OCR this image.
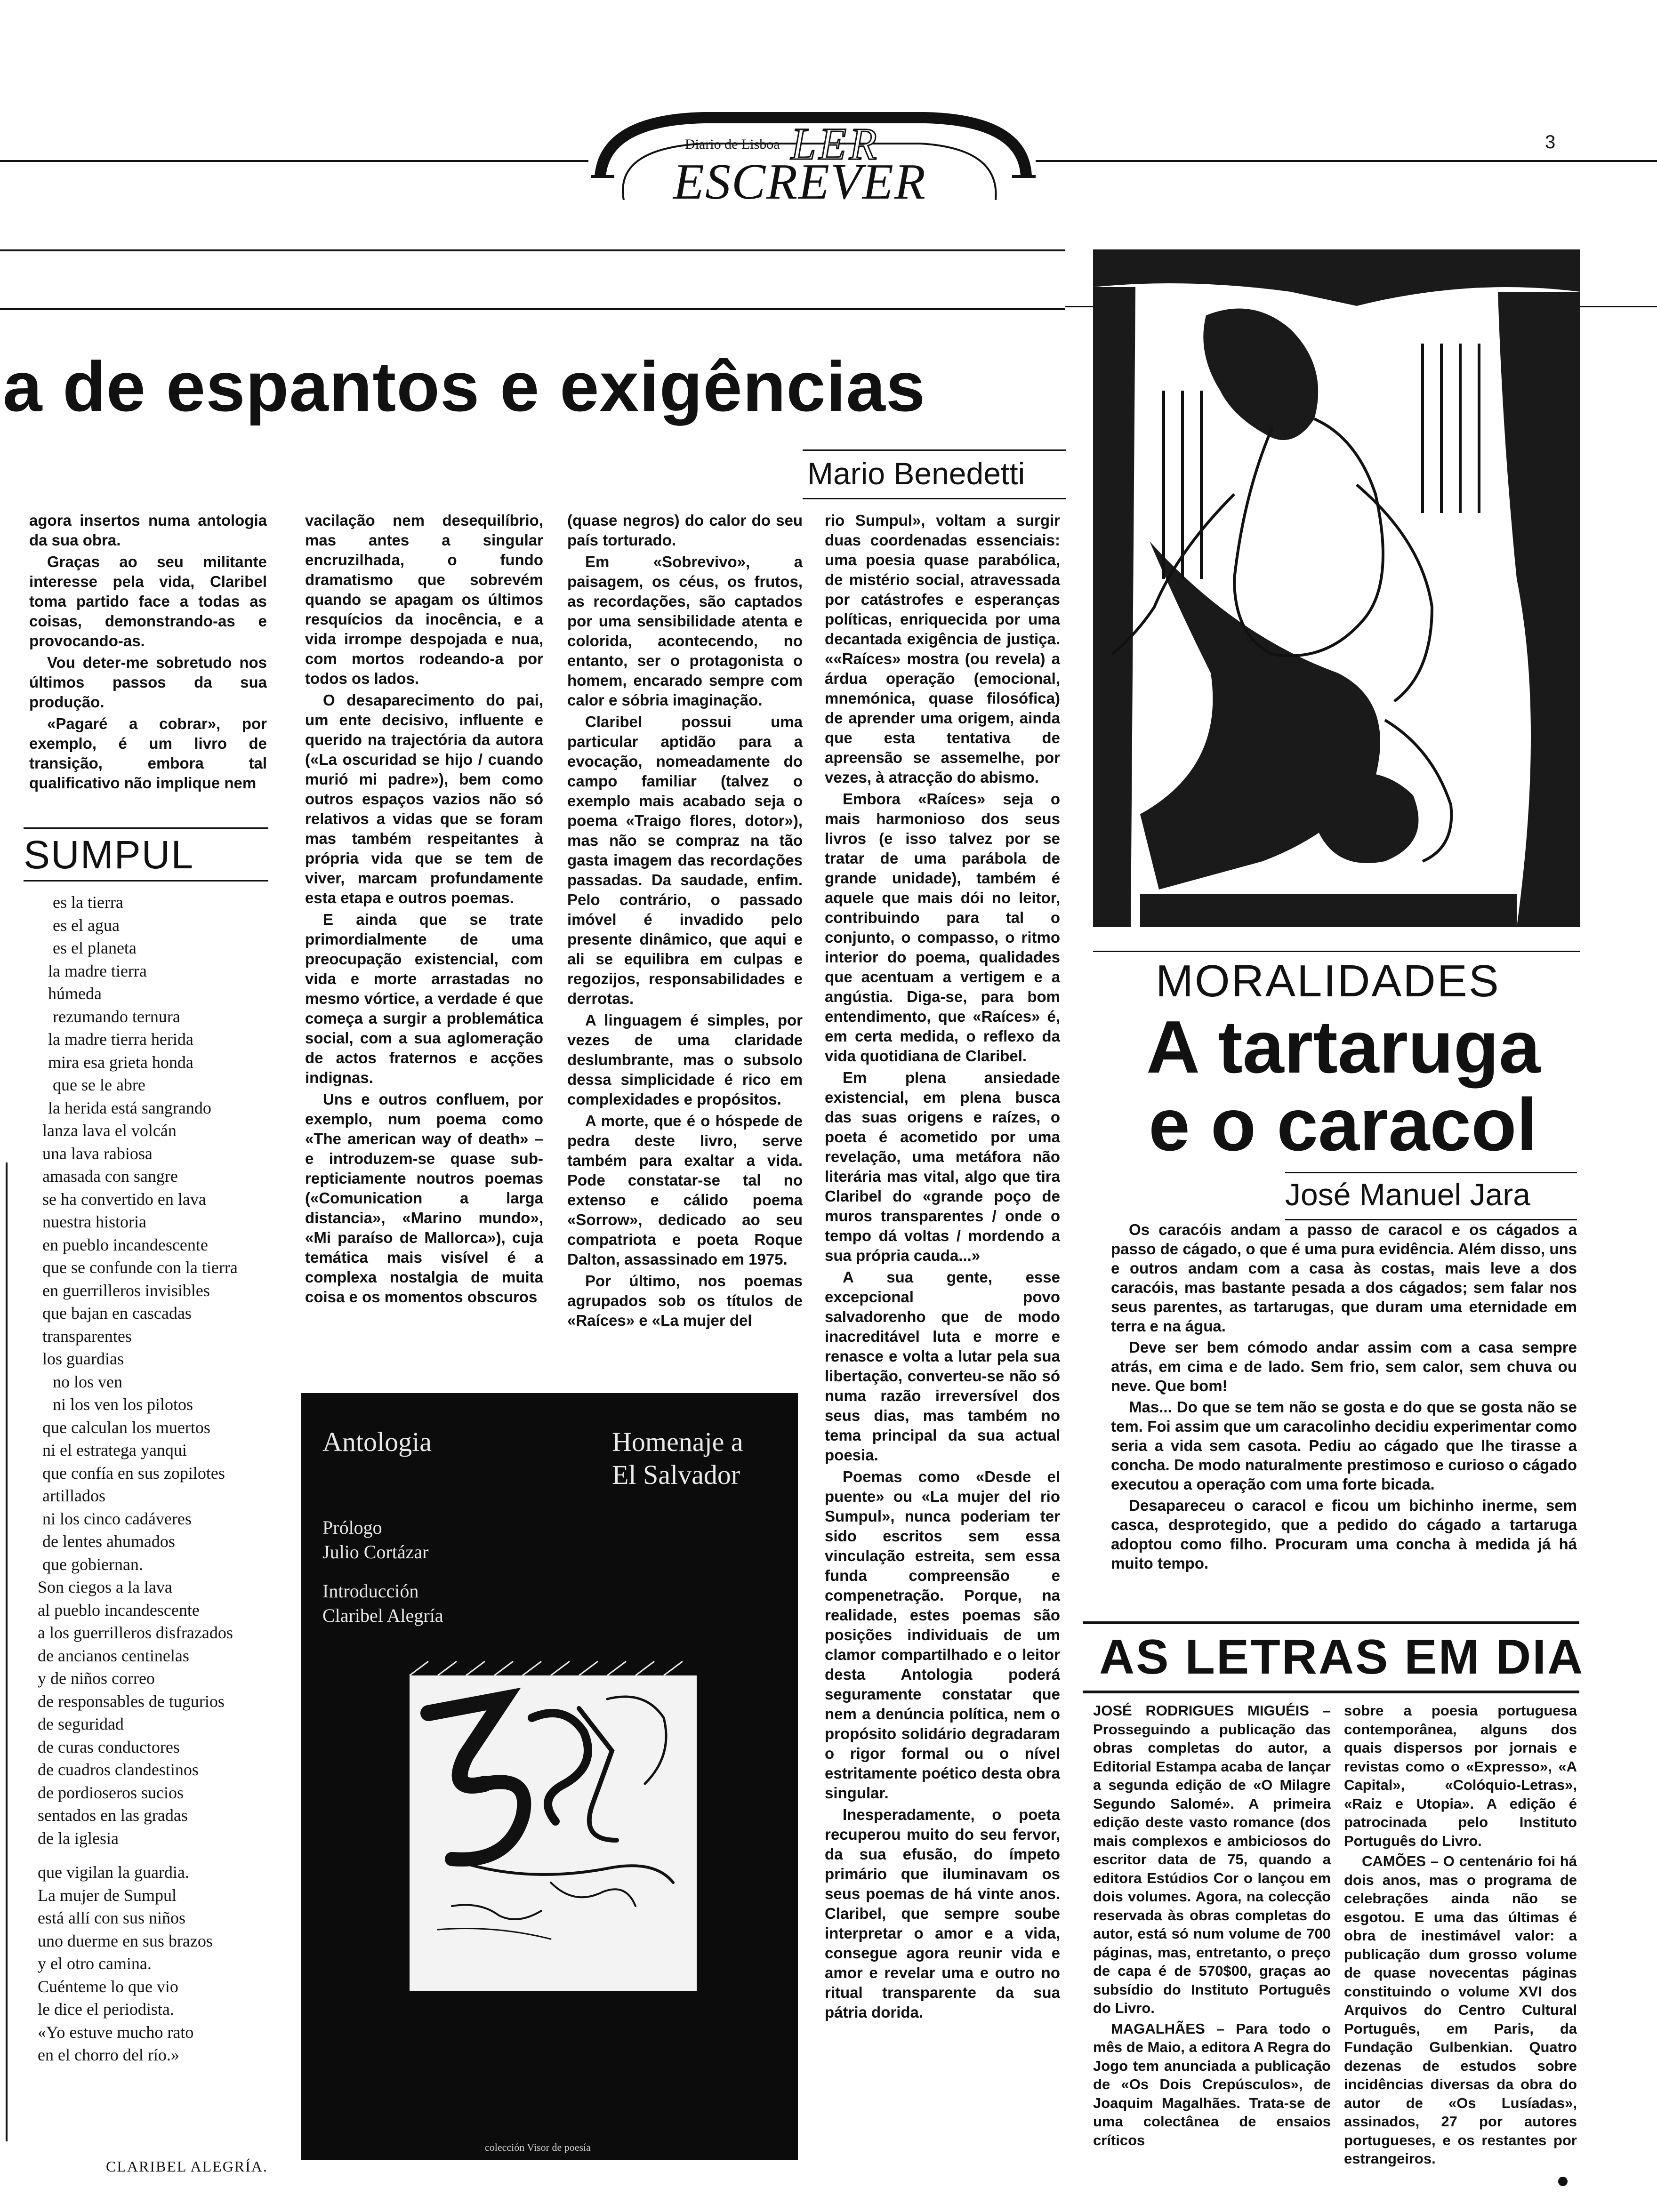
Diario de Lisboa LER
ESCREVER
3
a de espantos e exigências
Mario Benedetti

agora insertos numa antologia da sua obra.

Graças ao seu militante interesse pela vida, Claribel toma partido face a todas as coisas, demonstrando-as e provocando-as.

Vou deter-me sobretudo nos últimos passos da sua produção.

«Pagaré a cobrar», por exemplo, é um livro de transição, embora tal qualificativo não implique nem

vacilação nem desequilíbrio, mas antes a singular encruzilhada, o fundo dramatismo que sobrevém quando se apagam os últimos resquícios da inocência, e a vida irrompe despojada e nua, com mortos rodeando-a por todos os lados.

O desaparecimento do pai, um ente decisivo, influente e querido na trajectória da autora («La oscuridad se hijo / cuando murió mi padre»), bem como outros espaços vazios não só relativos a vidas que se foram mas também respeitantes à própria vida que se tem de viver, marcam profundamente esta etapa e outros poemas.

E ainda que se trate primordialmente de uma preocupação existencial, com vida e morte arrastadas no mesmo vórtice, a verdade é que começa a surgir a problemática social, com a sua aglomeração de actos fraternos e acções indignas.

Uns e outros confluem, por exemplo, num poema como «The american way of death» – e introduzem-se quase sub-repticiamente noutros poemas («Comunication a larga distancia», «Marino mundo», «Mi paraíso de Mallorca»), cuja temática mais visível é a complexa nostalgia de muita coisa e os momentos obscuros

(quase negros) do calor do seu país torturado.

Em «Sobrevivo», a paisagem, os céus, os frutos, as recordações, são captados por uma sensibilidade atenta e colorida, acontecendo, no entanto, ser o protagonista o homem, encarado sempre com calor e sóbria imaginação.

Claribel possui uma particular aptidão para a evocação, nomeadamente do campo familiar (talvez o exemplo mais acabado seja o poema «Traigo flores, dotor»), mas não se compraz na tão gasta imagem das recordações passadas. Da saudade, enfim. Pelo contrário, o passado imóvel é invadido pelo presente dinâmico, que aqui e ali se equilibra em culpas e regozijos, responsabilidades e derrotas.

A linguagem é simples, por vezes de uma claridade deslumbrante, mas o subsolo dessa simplicidade é rico em complexidades e propósitos.

A morte, que é o hóspede de pedra deste livro, serve também para exaltar a vida. Pode constatar-se tal no extenso e cálido poema «Sorrow», dedicado ao seu compatriota e poeta Roque Dalton, assassinado em 1975.

Por último, nos poemas agrupados sob os títulos de «Raíces» e «La mujer del

rio Sumpul», voltam a surgir duas coordenadas essenciais: uma poesia quase parabólica, de mistério social, atravessada por catástrofes e esperanças políticas, enriquecida por uma decantada exigência de justiça. ««Raíces» mostra (ou revela) a árdua operação (emocional, mnemónica, quase filosófica) de aprender uma origem, ainda que esta tentativa de apreensão se assemelhe, por vezes, à atracção do abismo.

Embora «Raíces» seja o mais harmonioso dos seus livros (e isso talvez por se tratar de uma parábola de grande unidade), também é aquele que mais dói no leitor, contribuindo para tal o conjunto, o compasso, o ritmo interior do poema, qualidades que acentuam a vertigem e a angústia. Diga-se, para bom entendimento, que «Raíces» é, em certa medida, o reflexo da vida quotidiana de Claribel.

Em plena ansiedade existencial, em plena busca das suas origens e raízes, o poeta é acometido por uma revelação, uma metáfora não literária mas vital, algo que tira Claribel do «grande poço de muros transparentes / onde o tempo dá voltas / mordendo a sua própria cauda...»

A sua gente, esse excepcional povo salvadorenho que de modo inacreditável luta e morre e renasce e volta a lutar pela sua libertação, converteu-se não só numa razão irreversível dos seus dias, mas também no tema principal da sua actual poesia.

Poemas como «Desde el puente» ou «La mujer del rio Sumpul», nunca poderiam ter sido escritos sem essa vinculação estreita, sem essa funda compreensão e compenetração. Porque, na realidade, estes poemas são posições individuais de um clamor compartilhado e o leitor desta Antologia poderá seguramente constatar que nem a denúncia política, nem o propósito solidário degradaram o rigor formal ou o nível estritamente poético desta obra singular.

Inesperadamente, o poeta recuperou muito do seu fervor, da sua efusão, do ímpeto primário que iluminavam os seus poemas de há vinte anos. Claribel, que sempre soube interpretar o amor e a vida, consegue agora reunir vida e amor e revelar uma e outro no ritual transparente da sua pátria dorida.

SUMPUL
es la tierra
es el agua
es el planeta
la madre tierra
húmeda
rezumando ternura
la madre tierra herida
mira esa grieta honda
que se le abre
la herida está sangrando
lanza lava el volcán
una lava rabiosa
amasada con sangre
se ha convertido en lava
nuestra historia
en pueblo incandescente
que se confunde con la tierra
en guerrilleros invisibles
que bajan en cascadas
transparentes
los guardias
no los ven
ni los ven los pilotos
que calculan los muertos
ni el estratega yanqui
que confía en sus zopilotes
artillados
ni los cinco cadáveres
de lentes ahumados
que gobiernan.
Son ciegos a la lava
al pueblo incandescente
a los guerrilleros disfrazados
de ancianos centinelas
y de niños correo
de responsables de tugurios
de seguridad
de curas conductores
de cuadros clandestinos
de pordioseros sucios
sentados en las gradas
de la iglesia
que vigilan la guardia.
La mujer de Sumpul
está allí con sus niños
uno duerme en sus brazos
y el otro camina.
Cuénteme lo que vio
le dice el periodista.
«Yo estuve mucho rato
en el chorro del río.»
CLARIBEL ALEGRÍA.
Antologia	Homenaje a
El Salvador
Prólogo
Julio Cortázar
Introducción
Claribel Alegría
colección Visor de poesía
MORALIDADES
A tartaruga
e o caracol
José Manuel Jara

Os caracóis andam a passo de caracol e os cágados a passo de cágado, o que é uma pura evidência. Além disso, uns e outros andam com a casa às costas, mais leve a dos caracóis, mas bastante pesada a dos cágados; sem falar nos seus parentes, as tartarugas, que duram uma eternidade em terra e na água.

Deve ser bem cómodo andar assim com a casa sempre atrás, em cima e de lado. Sem frio, sem calor, sem chuva ou neve. Que bom!

Mas... Do que se tem não se gosta e do que se gosta não se tem. Foi assim que um caracolinho decidiu experimentar como seria a vida sem casota. Pediu ao cágado que lhe tirasse a concha. De modo naturalmente prestimoso e curioso o cágado executou a operação com uma forte bicada.

Desapareceu o caracol e ficou um bichinho inerme, sem casca, desprotegido, que a pedido do cágado a tartaruga adoptou como filho. Procuram uma concha à medida já há muito tempo.

AS LETRAS EM DIA

JOSÉ RODRIGUES MIGUÉIS – Prosseguindo a publicação das obras completas do autor, a Editorial Estampa acaba de lançar a segunda edição de «O Milagre Segundo Salomé». A primeira edição deste vasto romance (dos mais complexos e ambiciosos do escritor data de 75, quando a editora Estúdios Cor o lançou em dois volumes. Agora, na colecção reservada às obras completas do autor, está só num volume de 700 páginas, mas, entretanto, o preço de capa é de 570$00, graças ao subsídio do Instituto Português do Livro.

MAGALHÃES – Para todo o mês de Maio, a editora A Regra do Jogo tem anunciada a publicação de «Os Dois Crepúsculos», de Joaquim Magalhães. Trata-se de uma colectânea de ensaios críticos

sobre a poesia portuguesa contemporânea, alguns dos quais dispersos por jornais e revistas como o «Expresso», «A Capital», «Colóquio-Letras», «Raiz e Utopia». A edição é patrocinada pelo Instituto Português do Livro.

CAMÕES – O centenário foi há dois anos, mas o programa de celebrações ainda não se esgotou. E uma das últimas é obra de inestimável valor: a publicação dum grosso volume de quase novecentas páginas constituindo o volume XVI dos Arquivos do Centro Cultural Português, em Paris, da Fundação Gulbenkian. Quatro dezenas de estudos sobre incidências diversas da obra do autor de «Os Lusíadas», assinados, 27 por autores portugueses, e os restantes por estrangeiros.
